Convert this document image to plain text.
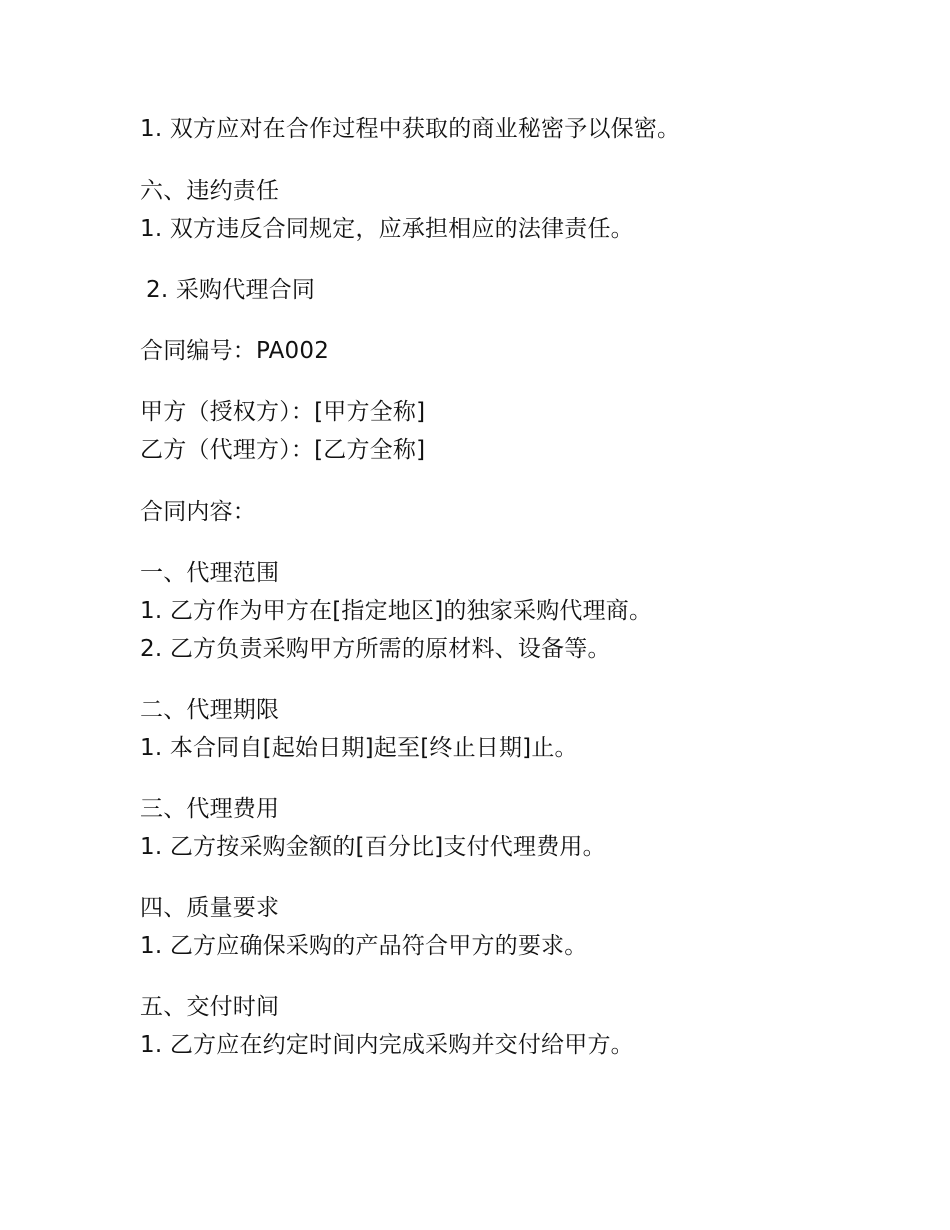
1. 双方应对在合作过程中获取的商业秘密予以保密。
六、违约责任
1. 双方违反合同规定，应承担相应的法律责任。
2. 采购代理合同
合同编号：PA002
甲方（授权方）：[甲方全称]
乙方（代理方）：[乙方全称]
合同内容：
一、代理范围
1. 乙方作为甲方在[指定地区]的独家采购代理商。
2. 乙方负责采购甲方所需的原材料、设备等。
二、代理期限
1. 本合同自[起始日期]起至[终止日期]止。
三、代理费用
1. 乙方按采购金额的[百分比]支付代理费用。
四、质量要求
1. 乙方应确保采购的产品符合甲方的要求。
五、交付时间
1. 乙方应在约定时间内完成采购并交付给甲方。
